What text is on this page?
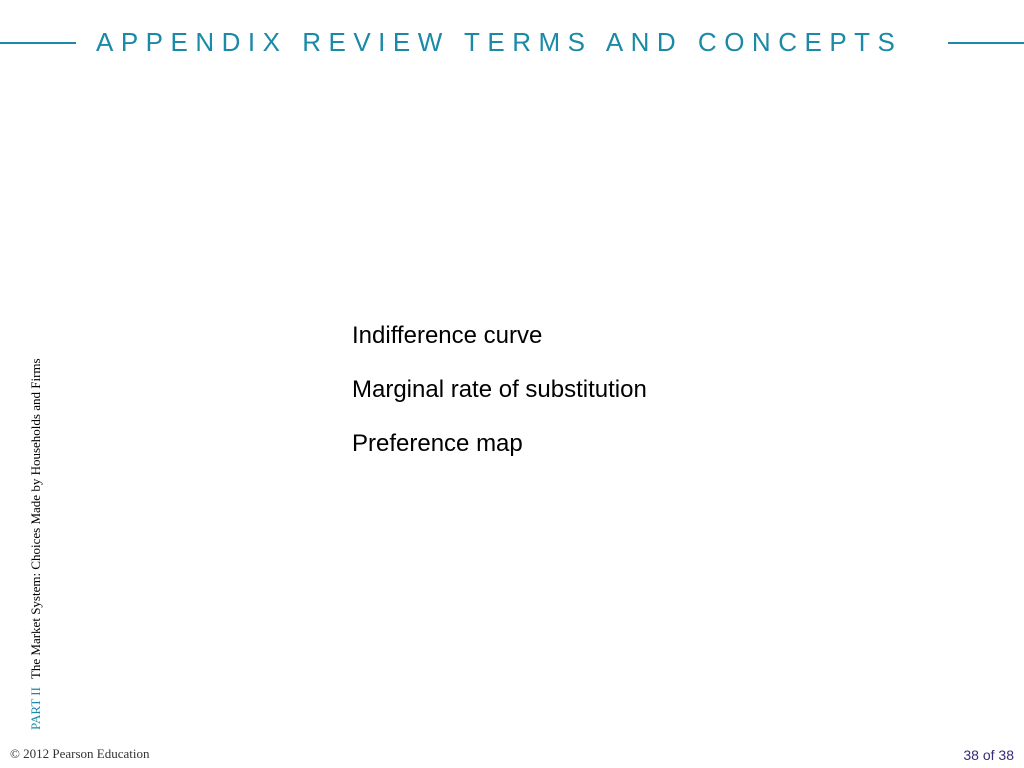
APPENDIX REVIEW TERMS AND CONCEPTS
PART IIThe Market System: Choices Made by Households and Firms
Indifference curve
Marginal rate of substitution
Preference map
© 2012 Pearson Education	38 of 38
